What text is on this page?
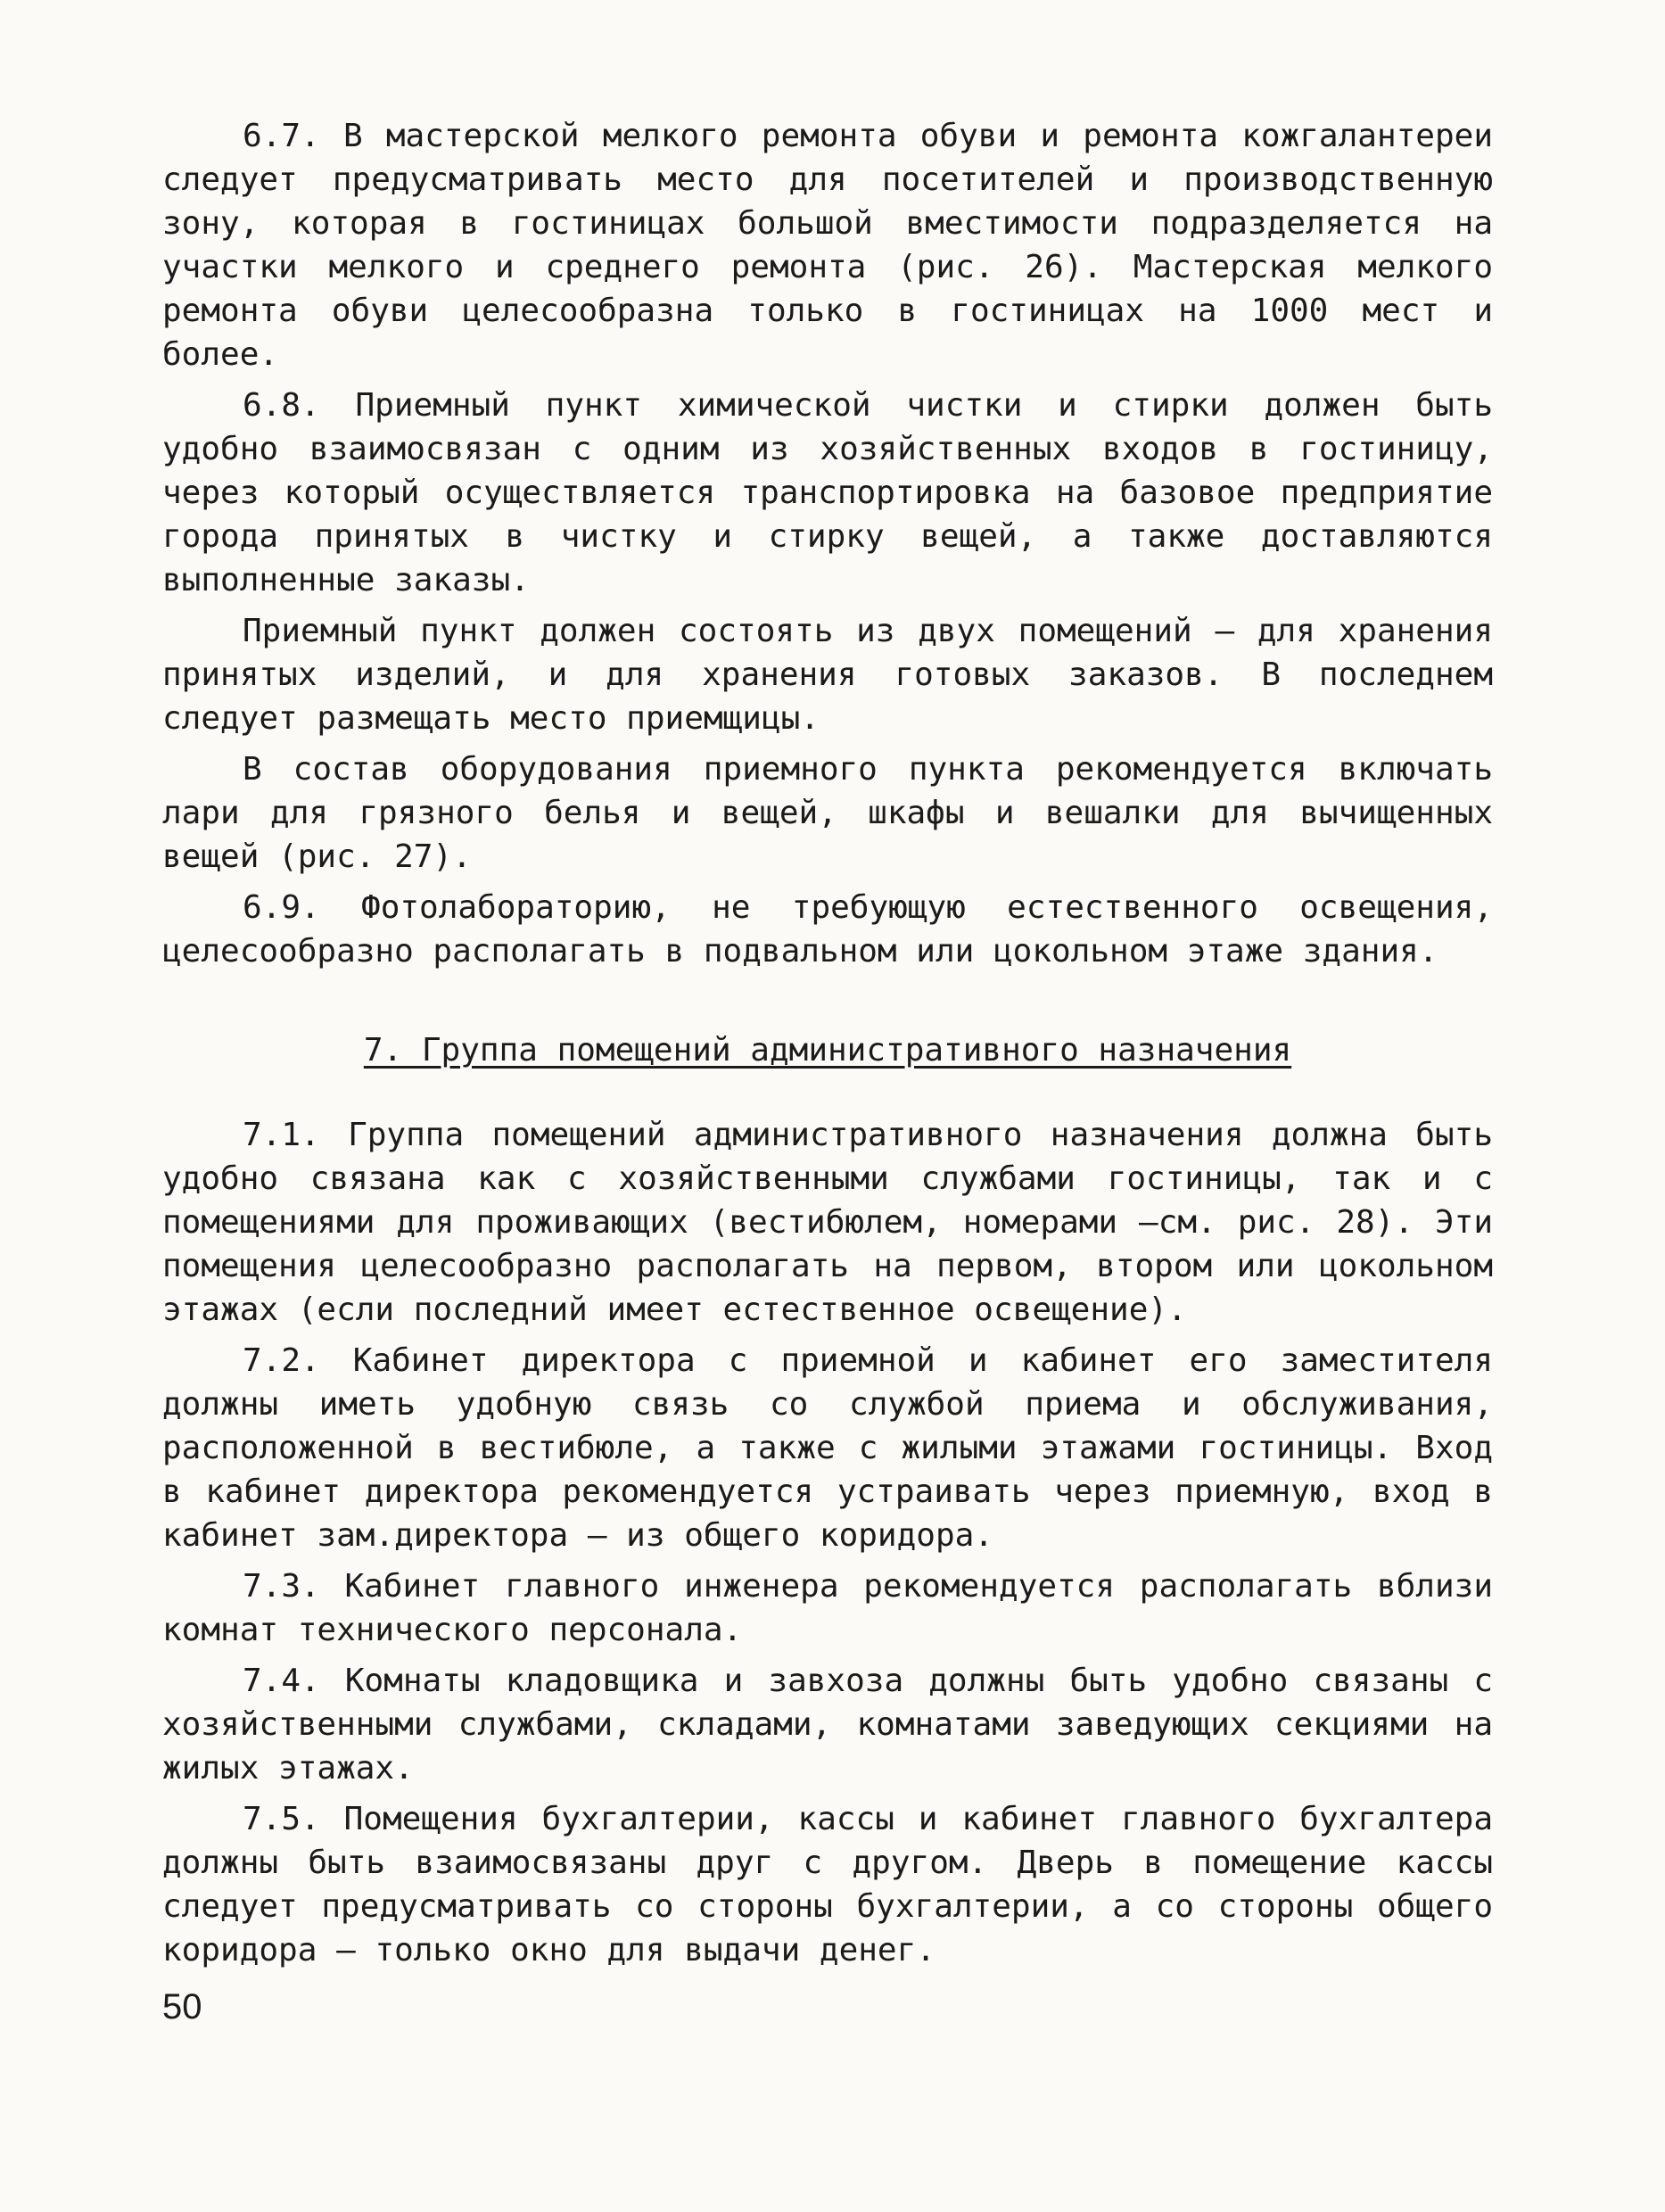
6.7. В мастерской мелкого ремонта обуви и ремонта кожгалантереи следует предусматривать место для посетителей и производственную зону, которая в гостиницах большой вместимости подразделяется на участки мелкого и среднего ремонта (рис. 26). Мастерская мелкого ремонта обуви целесообразна только в гостиницах на 1000 мест и более.

6.8. Приемный пункт химической чистки и стирки должен быть удобно взаимосвязан с одним из хозяйственных входов в гостиницу, через который осуществляется транспортировка на базовое предприятие города принятых в чистку и стирку вещей, а также доставляются выполненные заказы.

Приемный пункт должен состоять из двух помещений – для хранения принятых изделий, и для хранения готовых заказов. В последнем следует размещать место приемщицы.

В состав оборудования приемного пункта рекомендуется включать лари для грязного белья и вещей, шкафы и вешалки для вычищенных вещей (рис. 27).

6.9. Фотолабораторию, не требующую естественного освещения, целесообразно располагать в подвальном или цокольном этаже здания.

7. Группа помещений административного назначения

7.1. Группа помещений административного назначения должна быть удобно связана как с хозяйственными службами гостиницы, так и с помещениями для проживающих (вестибюлем, номерами –см. рис. 28). Эти помещения целесообразно располагать на первом, втором или цокольном этажах (если последний имеет естественное освещение).

7.2. Кабинет директора с приемной и кабинет его заместителя должны иметь удобную связь со службой приема и обслуживания, расположенной в вестибюле, а также с жилыми этажами гостиницы. Вход в кабинет директора рекомендуется устраивать через приемную, вход в кабинет зам.директора – из общего коридора.

7.3. Кабинет главного инженера рекомендуется располагать вблизи комнат технического персонала.

7.4. Комнаты кладовщика и завхоза должны быть удобно связаны с хозяйственными службами, складами, комнатами заведующих секциями на жилых этажах.

7.5. Помещения бухгалтерии, кассы и кабинет главного бухгалтера должны быть взаимосвязаны друг с другом. Дверь в помещение кассы следует предусматривать со стороны бухгалтерии, а со стороны общего коридора – только окно для выдачи денег.

50
